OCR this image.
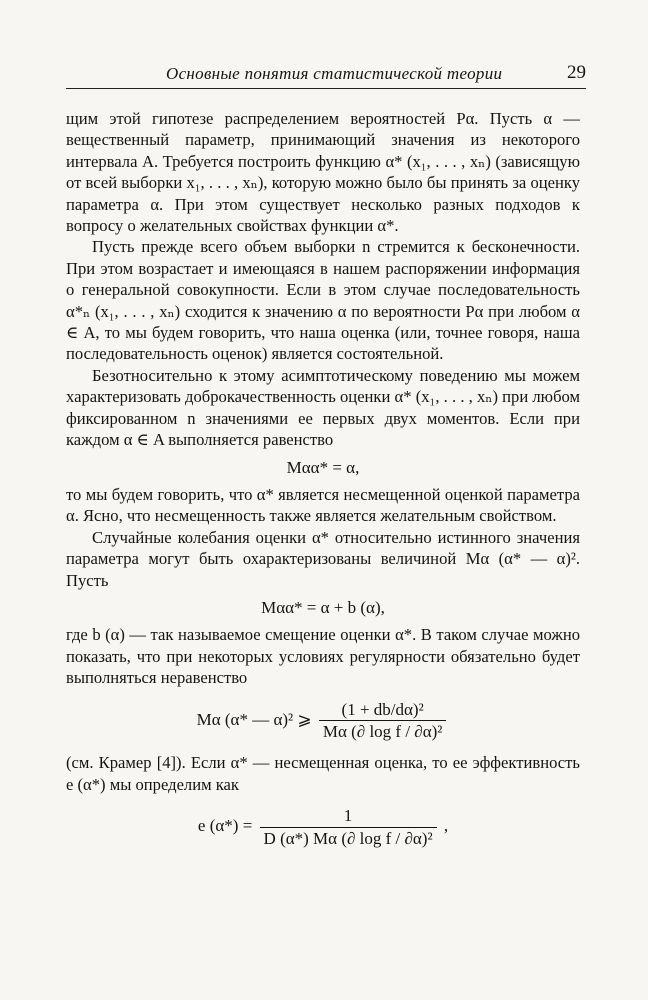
Основные понятия статистической теории	29

щим этой гипотезе распределением вероятностей Pα. Пусть α — вещественный параметр, принимающий значения из некоторого интервала A. Требуется построить функцию α* (x₁, . . . , xₙ) (зависящую от всей выборки x₁, . . . , xₙ), которую можно было бы принять за оценку параметра α. При этом существует несколько разных подходов к вопросу о желательных свойствах функции α*.

Пусть прежде всего объем выборки n стремится к бесконечности. При этом возрастает и имеющаяся в нашем распоряжении информация о генеральной совокупности. Если в этом случае последовательность α*ₙ (x₁, . . . , xₙ) сходится к значению α по вероятности Pα при любом α ∈ A, то мы будем говорить, что наша оценка (или, точнее говоря, наша последовательность оценок) является состоятельной.

Безотносительно к этому асимптотическому поведению мы можем характеризовать доброкачественность оценки α* (x₁, . . . , xₙ) при любом фиксированном n значениями ее первых двух моментов. Если при каждом α ∈ A выполняется равенство

Mαα* = α,

то мы будем говорить, что α* является несмещенной оценкой параметра α. Ясно, что несмещенность также является желательным свойством.

Случайные колебания оценки α* относительно истинного значения параметра могут быть охарактеризованы величиной Mα (α* — α)². Пусть

Mαα* = α + b (α),

где b (α) — так называемое смещение оценки α*. В таком случае можно показать, что при некоторых условиях регулярности обязательно будет выполняться неравенство

Mα (α* — α)² ⩾ $\frac{\text{(1 + db/dα)²}}{\text{Mα (∂ log f / ∂α)²}}$

(см. Крамер [4]). Если α* — несмещенная оценка, то ее эффективность e (α*) мы определим как

e $(\alpha*) = \frac{1}{\text{D (α*) Mα (∂ log f / ∂α)²}}$ ,
